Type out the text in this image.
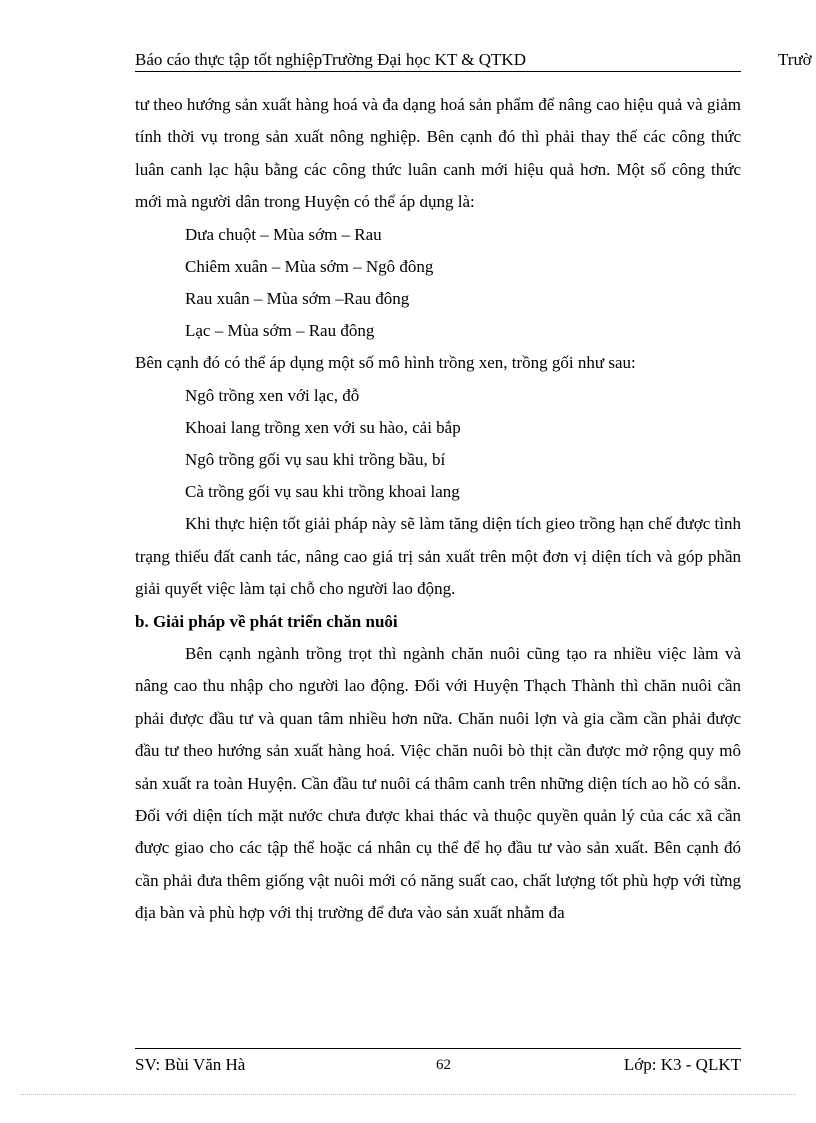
Báo cáo thực tập tốt nghiệpTrường Đại học KT & QTKD	Trườ

tư theo hướng sản xuất hàng hoá và đa dạng hoá sản phẩm để nâng cao hiệu quả và giảm tính thời vụ trong sản xuất nông nghiệp. Bên cạnh đó thì phải thay thế các công thức luân canh lạc hậu bằng các công thức luân canh mới hiệu quả hơn. Một số công thức mới mà người dân trong Huyện có thể áp dụng là:

Dưa chuột – Mùa sớm – Rau

Chiêm xuân – Mùa sớm – Ngô đông

Rau xuân – Mùa sớm –Rau đông

Lạc – Mùa sớm – Rau đông

Bên cạnh đó có thể áp dụng một số mô hình trồng xen, trồng gối như sau:

Ngô trồng xen với lạc, đỗ

Khoai lang trồng xen với su hào, cải bắp

Ngô trồng gối vụ sau khi trồng bầu, bí

Cà trồng gối vụ sau khi trồng khoai lang

Khi thực hiện tốt giải pháp này sẽ làm tăng diện tích gieo trồng hạn chế được tình trạng thiếu đất canh tác, nâng cao giá trị sản xuất trên một đơn vị diện tích và góp phần giải quyết việc làm tại chỗ cho người lao động.

b. Giải pháp về phát triển chăn nuôi

Bên cạnh ngành trồng trọt thì ngành chăn nuôi cũng tạo ra nhiều việc làm và nâng cao thu nhập cho người lao động. Đối với Huyện Thạch Thành thì chăn nuôi cần phải được đầu tư và quan tâm nhiều hơn nữa. Chăn nuôi lợn và gia cầm cần phải được đầu tư theo hướng sản xuất hàng hoá. Việc chăn nuôi bò thịt cần được mở rộng quy mô sản xuất ra toàn Huyện. Cần đầu tư nuôi cá thâm canh trên những diện tích ao hồ có sẵn. Đối với diện tích mặt nước chưa được khai thác và thuộc quyền quản lý của các xã cần được giao cho các tập thể hoặc cá nhân cụ thể để họ đầu tư vào sản xuất. Bên cạnh đó cần phải đưa thêm giống vật nuôi mới có năng suất cao, chất lượng tốt phù hợp với từng địa bàn và phù hợp với thị trường để đưa vào sản xuất nhằm đa

SV: Bùi Văn Hà	62	Lớp: K3 - QLKT
